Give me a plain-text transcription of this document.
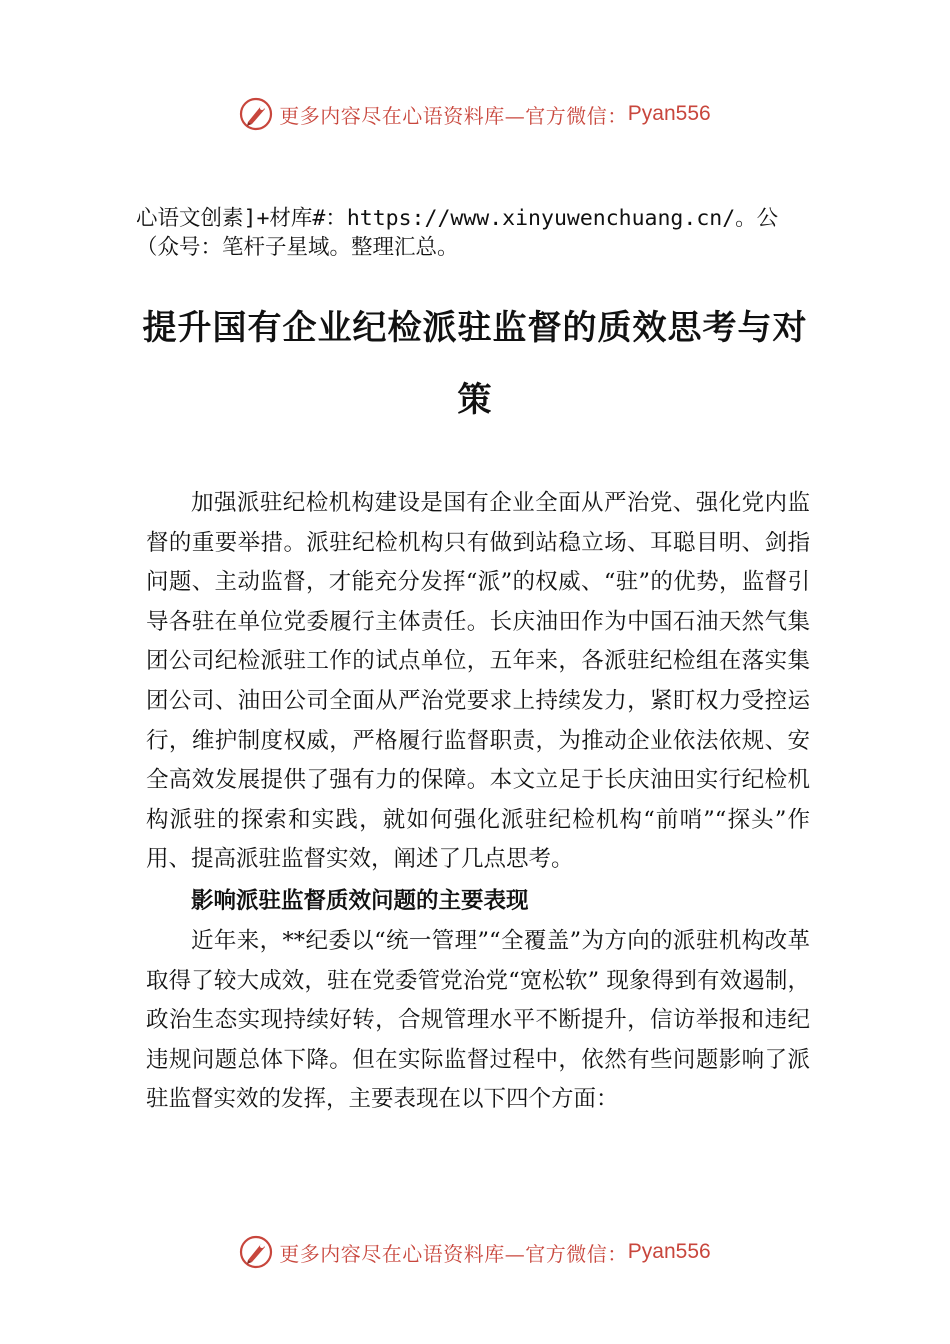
更多内容尽在心语资料库—官方微信： Pyan556
心语文创素]+材库#：https://www.xinyuwenchuang.cn/。公（众号：笔杆子星域。整理汇总。
提升国有企业纪检派驻监督的质效思考与对策

加强派驻纪检机构建设是国有企业全面从严治党、强化党内监督的重要举措。派驻纪检机构只有做到站稳立场、耳聪目明、剑指问题、主动监督，才能充分发挥“派”的权威、“驻”的优势，监督引导各驻在单位党委履行主体责任。长庆油田作为中国石油天然气集团公司纪检派驻工作的试点单位，五年来，各派驻纪检组在落实集团公司、油田公司全面从严治党要求上持续发力，紧盯权力受控运行，维护制度权威，严格履行监督职责，为推动企业依法依规、安全高效发展提供了强有力的保障。本文立足于长庆油田实行纪检机构派驻的探索和实践，就如何强化派驻纪检机构“前哨”“探头”作用、提高派驻监督实效，阐述了几点思考。

影响派驻监督质效问题的主要表现

近年来，**纪委以“统一管理”“全覆盖”为方向的派驻机构改革取得了较大成效，驻在党委管党治党“宽松软” 现象得到有效遏制，政治生态实现持续好转，合规管理水平不断提升，信访举报和违纪违规问题总体下降。但在实际监督过程中，依然有些问题影响了派驻监督实效的发挥，主要表现在以下四个方面：

更多内容尽在心语资料库—官方微信： Pyan556
